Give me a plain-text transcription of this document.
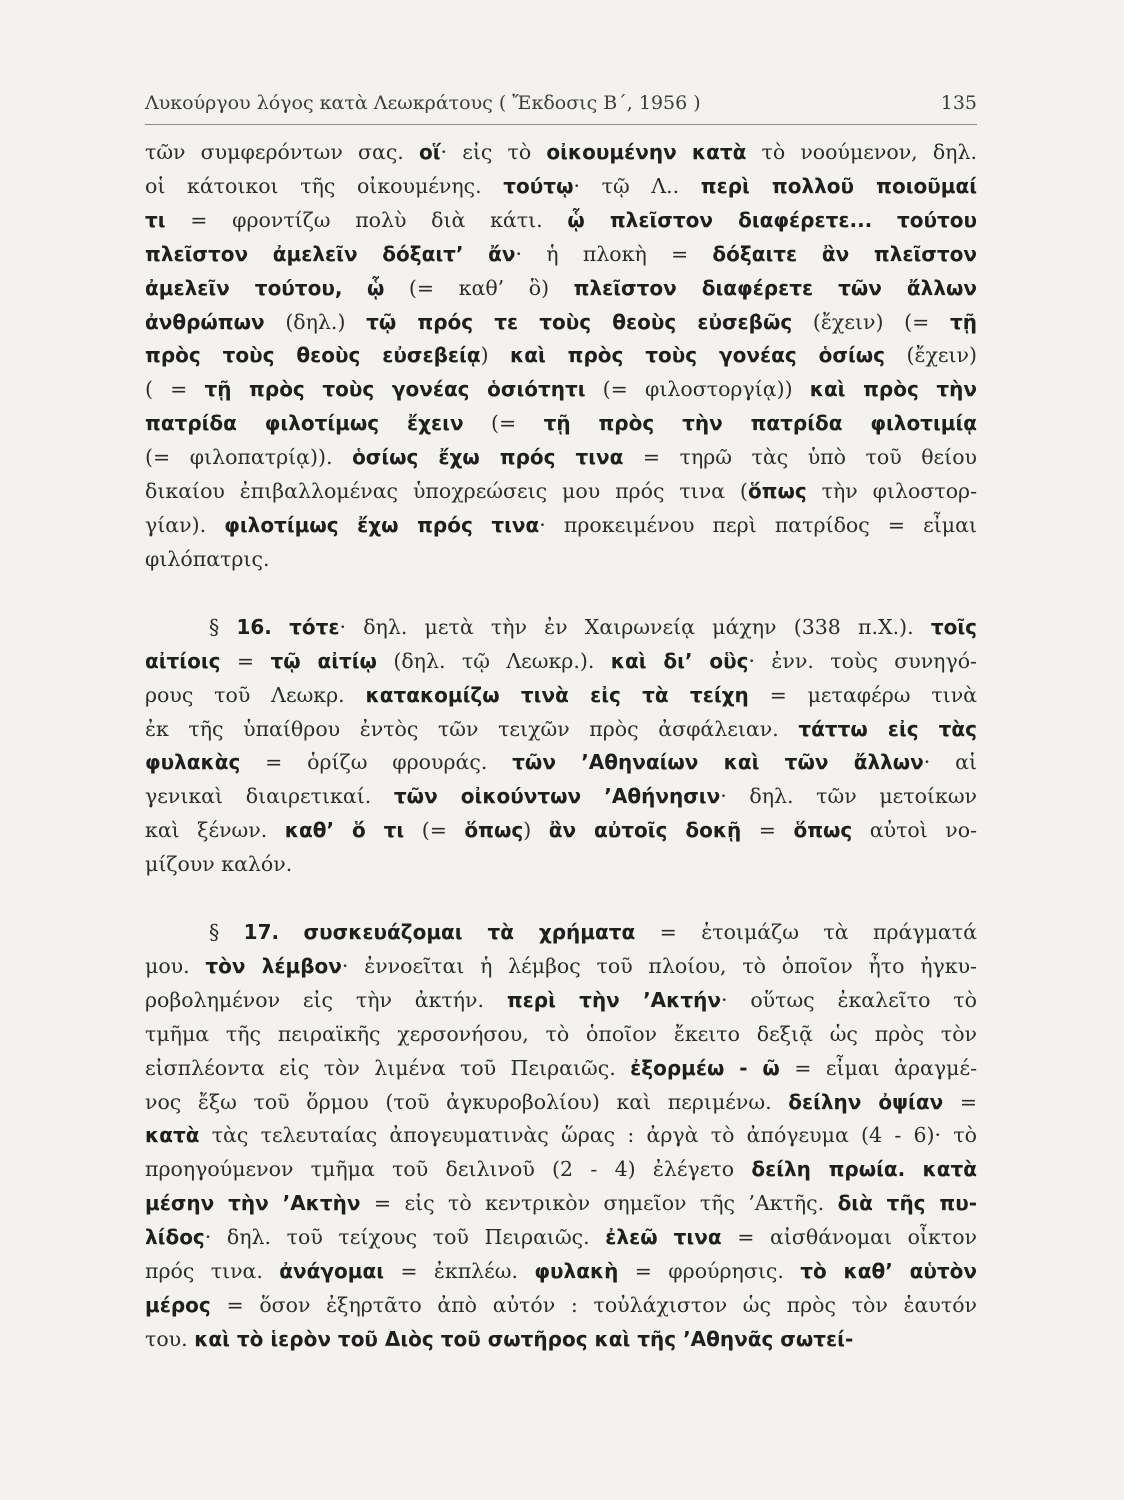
Λυκούργου λόγος κατὰ Λεωκράτους ( Ἔκδοσις Β΄, 1956 )	135
τῶν συμφερόντων σας. οἵ· εἰς τὸ οἰκουμένην κατὰ τὸ νοούμενον, δηλ.
οἱ κάτοικοι τῆς οἰκουμένης. τούτῳ· τῷ Λ.. περὶ πολλοῦ ποιοῦμαί
τι = φροντίζω πολὺ διὰ κάτι. ᾧ πλεῖστον διαφέρετε... τούτου
πλεῖστον ἀμελεῖν δόξαιτ’ ἄν· ἡ πλοκὴ = δόξαιτε ἂν πλεῖστον
ἀμελεῖν τούτου, ᾧ (= καθ’ ὃ) πλεῖστον διαφέρετε τῶν ἄλλων
ἀνθρώπων (δηλ.) τῷ πρός τε τοὺς θεοὺς εὐσεβῶς (ἔχειν) (= τῇ
πρὸς τοὺς θεοὺς εὐσεβείᾳ) καὶ πρὸς τοὺς γονέας ὁσίως (ἔχειν)
( = τῇ πρὸς τοὺς γονέας ὁσιότητι (= φιλοστοργίᾳ)) καὶ πρὸς τὴν
πατρίδα φιλοτίμως ἔχειν (= τῇ πρὸς τὴν πατρίδα φιλοτιμίᾳ
(= φιλοπατρίᾳ)). ὁσίως ἔχω πρός τινα = τηρῶ τὰς ὑπὸ τοῦ θείου
δικαίου ἐπιβαλλομένας ὑποχρεώσεις μου πρός τινα (ὅπως τὴν φιλοστορ-
γίαν). φιλοτίμως ἔχω πρός τινα· προκειμένου περὶ πατρίδος = εἶμαι
φιλόπατρις.
§ 16. τότε· δηλ. μετὰ τὴν ἐν Χαιρωνείᾳ μάχην (338 π.Χ.). τοῖς
αἰτίοις = τῷ αἰτίῳ (δηλ. τῷ Λεωκρ.). καὶ δι’ οὓς· ἐνν. τοὺς συνηγό-
ρους τοῦ Λεωκρ. κατακομίζω τινὰ εἰς τὰ τείχη = μεταφέρω τινὰ
ἐκ τῆς ὑπαίθρου ἐντὸς τῶν τειχῶν πρὸς ἀσφάλειαν. τάττω εἰς τὰς
φυλακὰς = ὁρίζω φρουράς. τῶν ’Αθηναίων καὶ τῶν ἄλλων· αἱ
γενικαὶ διαιρετικαί. τῶν οἰκούντων ’Αθήνησιν· δηλ. τῶν μετοίκων
καὶ ξένων. καθ’ ὅ τι (= ὅπως) ἂν αὐτοῖς δοκῇ = ὅπως αὐτοὶ νο-
μίζουν καλόν.
§ 17. συσκευάζομαι τὰ χρήματα = ἑτοιμάζω τὰ πράγματά
μου. τὸν λέμβον· ἐννοεῖται ἡ λέμβος τοῦ πλοίου, τὸ ὁποῖον ἦτο ἠγκυ-
ροβολημένον εἰς τὴν ἀκτήν. περὶ τὴν ’Ακτήν· οὕτως ἐκαλεῖτο τὸ
τμῆμα τῆς πειραϊκῆς χερσονήσου, τὸ ὁποῖον ἔκειτο δεξιᾷ ὡς πρὸς τὸν
εἰσπλέοντα εἰς τὸν λιμένα τοῦ Πειραιῶς. ἐξορμέω - ῶ = εἶμαι ἀραγμέ-
νος ἔξω τοῦ ὅρμου (τοῦ ἀγκυροβολίου) καὶ περιμένω. δείλην ὀψίαν =
κατὰ τὰς τελευταίας ἀπογευματινὰς ὥρας : ἀργὰ τὸ ἀπόγευμα (4 - 6)· τὸ
προηγούμενον τμῆμα τοῦ δειλινοῦ (2 - 4) ἐλέγετο δείλη πρωία. κατὰ
μέσην τὴν ’Ακτὴν = εἰς τὸ κεντρικὸν σημεῖον τῆς ’Ακτῆς. διὰ τῆς πυ-
λίδος· δηλ. τοῦ τείχους τοῦ Πειραιῶς. ἐλεῶ τινα = αἰσθάνομαι οἶκτον
πρός τινα. ἀνάγομαι = ἐκπλέω. φυλακὴ = φρούρησις. τὸ καθ’ αὑτὸν
μέρος = ὅσον ἐξηρτᾶτο ἀπὸ αὐτόν : τοὐλάχιστον ὡς πρὸς τὸν ἑαυτόν
του. καὶ τὸ ἱερὸν τοῦ Διὸς τοῦ σωτῆρος καὶ τῆς ’Αθηνᾶς σωτεί-
